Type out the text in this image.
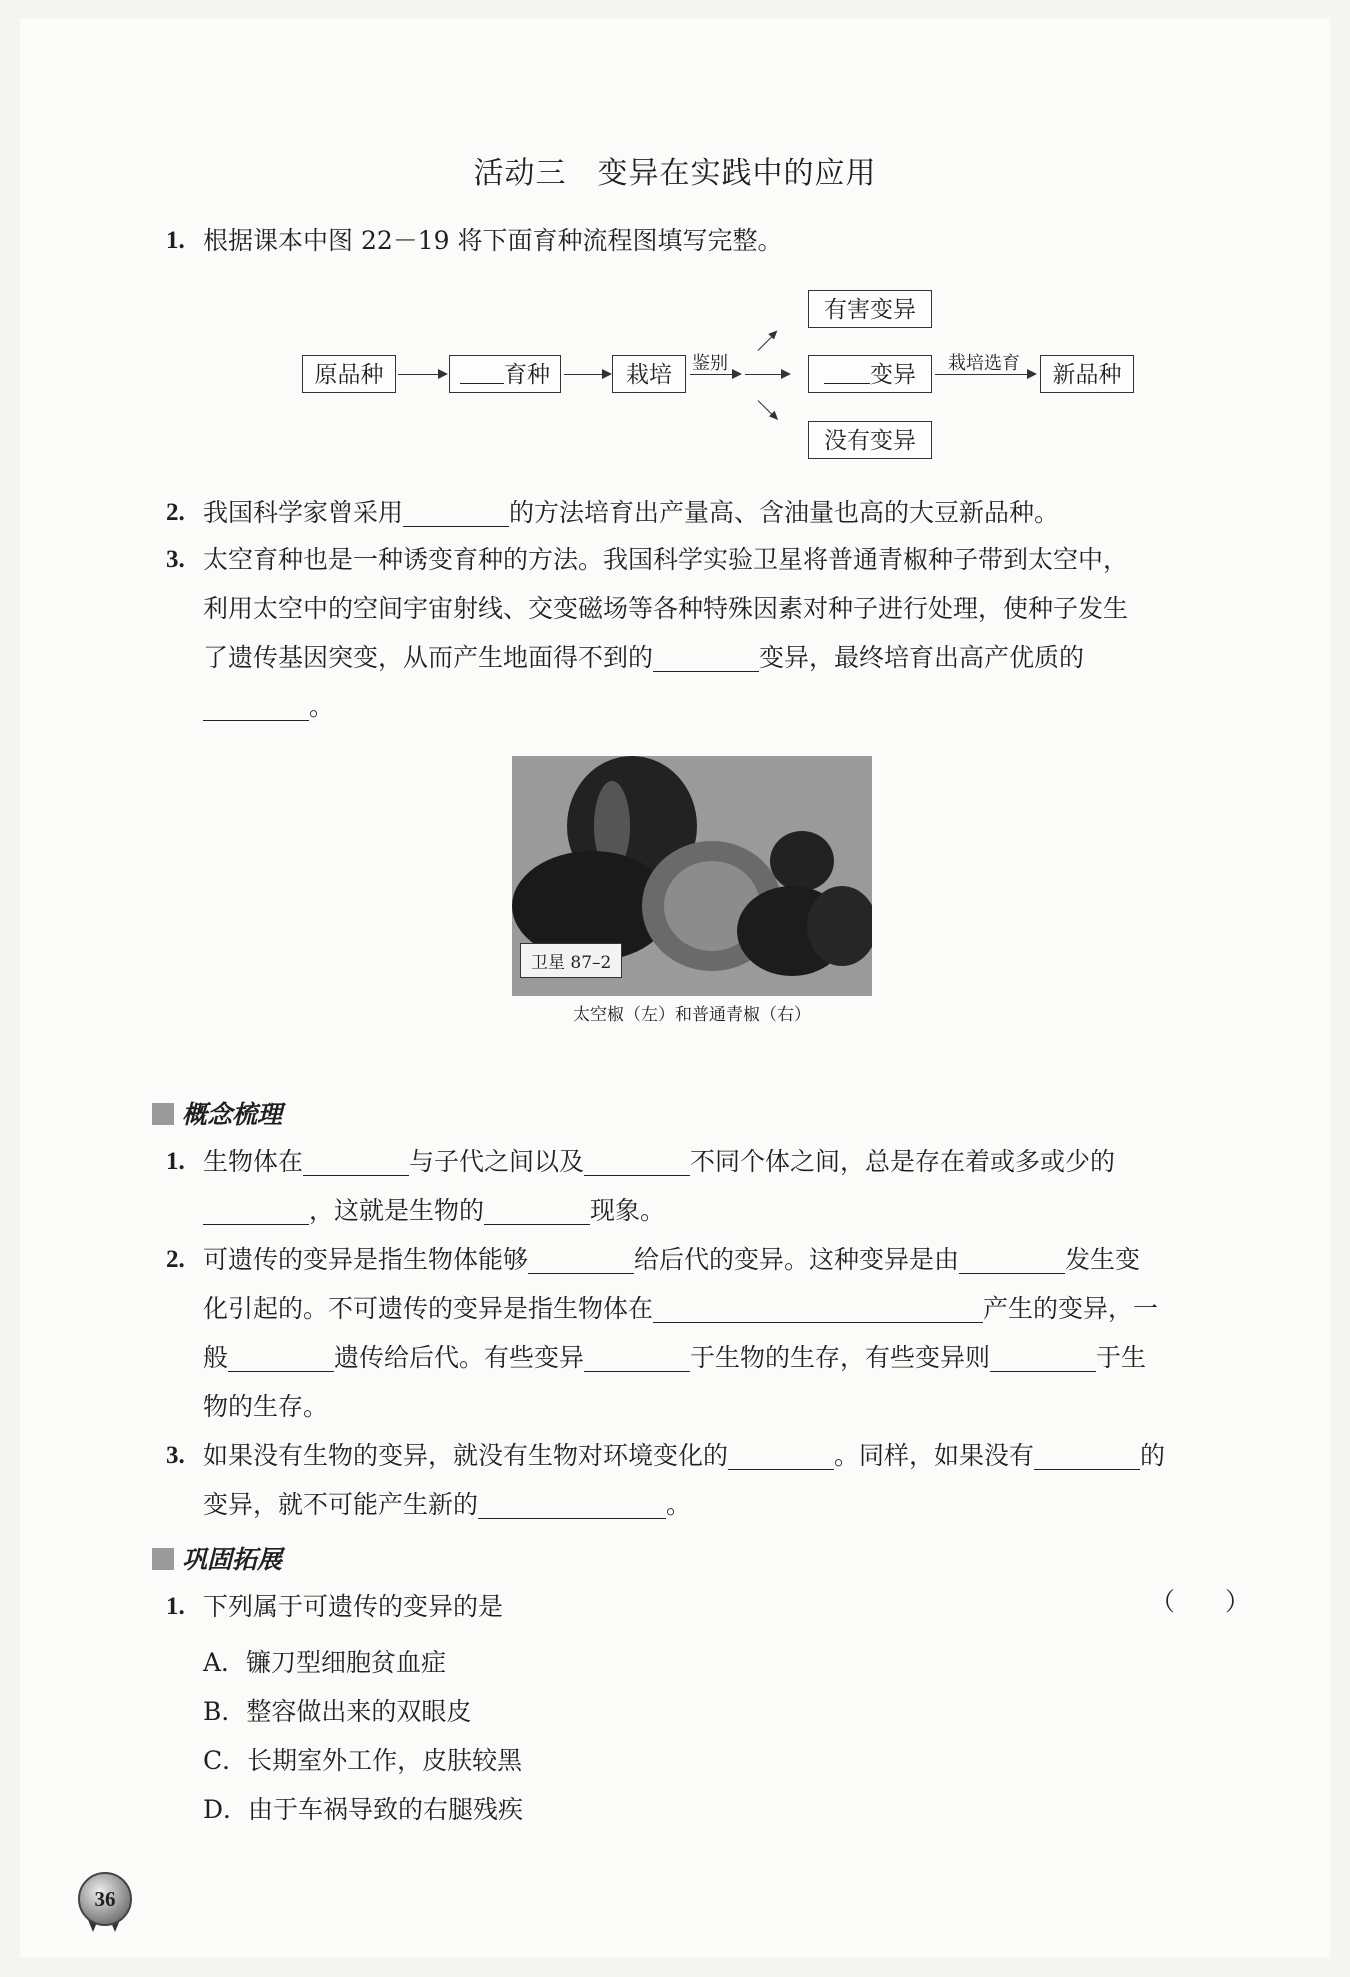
活动三　变异在实践中的应用
1. 根据课本中图 22－19 将下面育种流程图填写完整。
原品种	育种	栽培	鉴别
有害变异
变异
没有变异
栽培选育	新品种
2. 我国科学家曾采用	的方法培育出产量高、含油量也高的大豆新品种。
3. 太空育种也是一种诱变育种的方法。我国科学实验卫星将普通青椒种子带到太空中，
利用太空中的空间宇宙射线、交变磁场等各种特殊因素对种子进行处理，使种子发生
了遗传基因突变，从而产生地面得不到的	变异，最终培育出高产优质的
。
卫星 87–2
太空椒（左）和普通青椒（右）
概念梳理
1. 生物体在	与子代之间以及	不同个体之间，总是存在着或多或少的
，这就是生物的	现象。
2. 可遗传的变异是指生物体能够	给后代的变异。这种变异是由	发生变
化引起的。不可遗传的变异是指生物体在	产生的变异，一
般	遗传给后代。有些变异	于生物的生存，有些变异则	于生
物的生存。
3. 如果没有生物的变异，就没有生物对环境变化的	。同样，如果没有	的
变异，就不可能产生新的	。
巩固拓展
1. 下列属于可遗传的变异的是	（　　）
A．镰刀型细胞贫血症
B．整容做出来的双眼皮
C．长期室外工作，皮肤较黑
D．由于车祸导致的右腿残疾
36
